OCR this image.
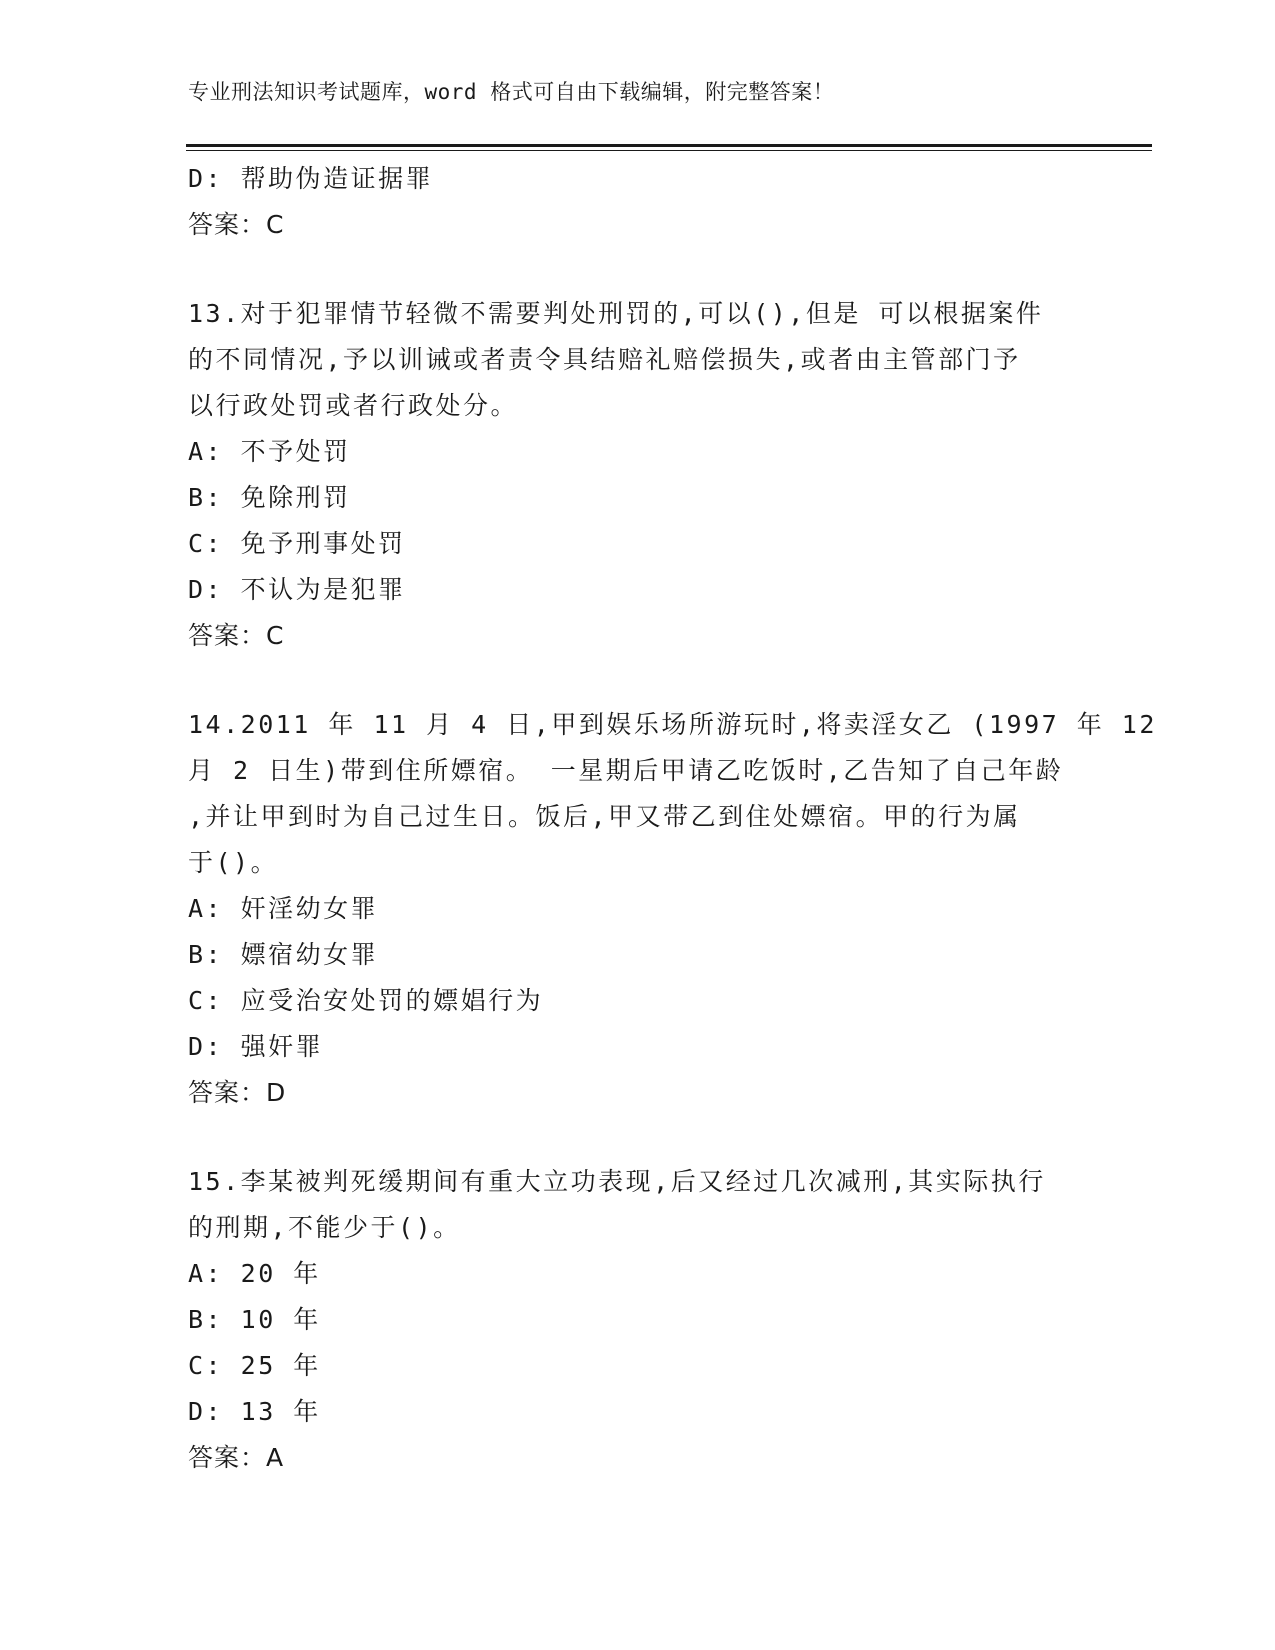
专业刑法知识考试题库，word 格式可自由下载编辑，附完整答案！
D: 帮助伪造证据罪
答案：C
13.对于犯罪情节轻微不需要判处刑罚的,可以(),但是 可以根据案件
的不同情况,予以训诫或者责令具结赔礼赔偿损失,或者由主管部门予
以行政处罚或者行政处分。
A: 不予处罚
B: 免除刑罚
C: 免予刑事处罚
D: 不认为是犯罪
答案：C
14.2011 年 11 月 4 日,甲到娱乐场所游玩时,将卖淫女乙 (1997 年 12
月 2 日生)带到住所嫖宿。 一星期后甲请乙吃饭时,乙告知了自己年龄
,并让甲到时为自己过生日。饭后,甲又带乙到住处嫖宿。甲的行为属
于()。
A: 奸淫幼女罪
B: 嫖宿幼女罪
C: 应受治安处罚的嫖娼行为
D: 强奸罪
答案：D
15.李某被判死缓期间有重大立功表现,后又经过几次减刑,其实际执行
的刑期,不能少于()。
A: 20 年
B: 10 年
C: 25 年
D: 13 年
答案：A
